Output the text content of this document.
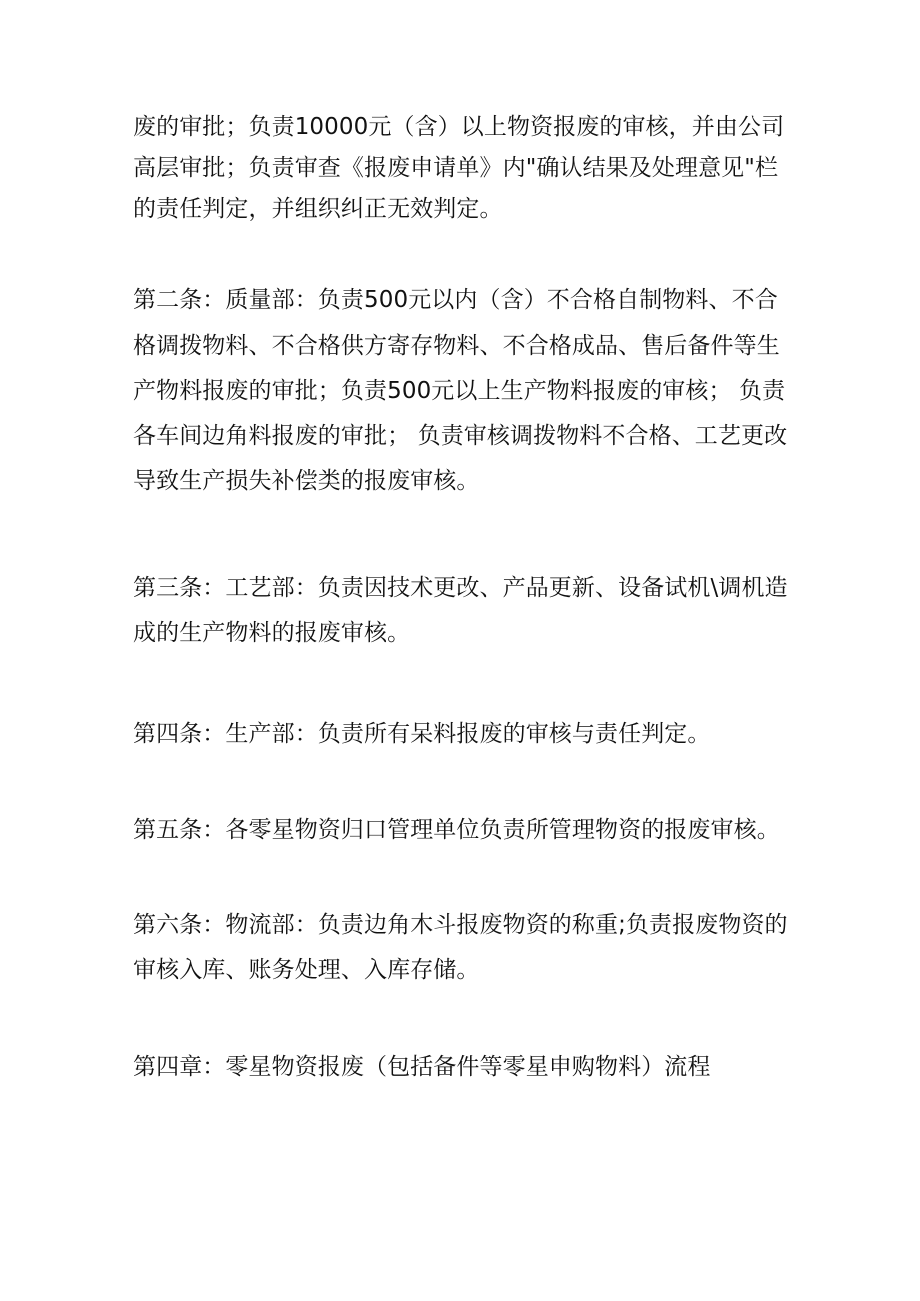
废的审批；负责10000元（含）以上物资报废的审核，并由公司
高层审批；负责审查《报废申请单》内"确认结果及处理意见"栏
的责任判定，并组织纠正无效判定。
第二条：质量部：负责500元以内（含）不合格自制物料、不合
格调拨物料、不合格供方寄存物料、不合格成品、售后备件等生
产物料报废的审批；负责500元以上生产物料报废的审核； 负责
各车间边角料报废的审批； 负责审核调拨物料不合格、工艺更改
导致生产损失补偿类的报废审核。
第三条：工艺部：负责因技术更改、产品更新、设备试机\调机造
成的生产物料的报废审核。
第四条：生产部：负责所有呆料报废的审核与责任判定。
第五条：各零星物资归口管理单位负责所管理物资的报废审核。
第六条：物流部：负责边角木斗报废物资的称重;负责报废物资的
审核入库、账务处理、入库存储。
第四章：零星物资报废（包括备件等零星申购物料）流程
